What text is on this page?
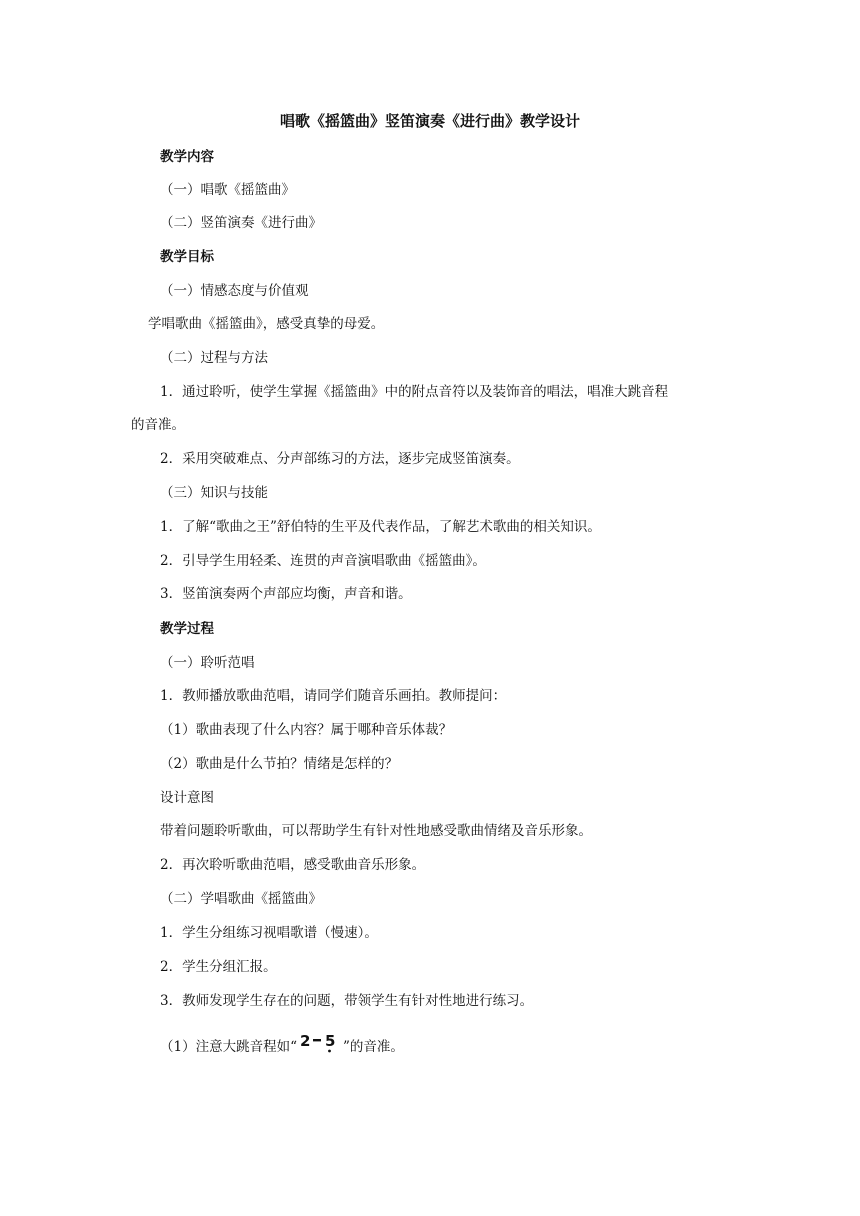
唱歌《摇篮曲》竖笛演奏《进行曲》教学设计
教学内容
（一）唱歌《摇篮曲》
（二）竖笛演奏《进行曲》
教学目标
（一）情感态度与价值观
学唱歌曲《摇篮曲》，感受真挚的母爱。
（二）过程与方法
1．通过聆听，使学生掌握《摇篮曲》中的附点音符以及装饰音的唱法，唱准大跳音程
的音准。
2．采用突破难点、分声部练习的方法，逐步完成竖笛演奏。
（三）知识与技能
1．了解“歌曲之王”舒伯特的生平及代表作品，了解艺术歌曲的相关知识。
2．引导学生用轻柔、连贯的声音演唱歌曲《摇篮曲》。
3．竖笛演奏两个声部应均衡，声音和谐。
教学过程
（一）聆听范唱
1．教师播放歌曲范唱，请同学们随音乐画拍。教师提问：
（1）歌曲表现了什么内容？属于哪种音乐体裁？
（2）歌曲是什么节拍？情绪是怎样的？
设计意图
带着问题聆听歌曲，可以帮助学生有针对性地感受歌曲情绪及音乐形象。
2．再次聆听歌曲范唱，感受歌曲音乐形象。
（二）学唱歌曲《摇篮曲》
1．学生分组练习视唱歌谱（慢速）。
2．学生分组汇报。
3．教师发现学生存在的问题，带领学生有针对性地进行练习。
（1）注意大跳音程如“ 2 5 ”的音准。
